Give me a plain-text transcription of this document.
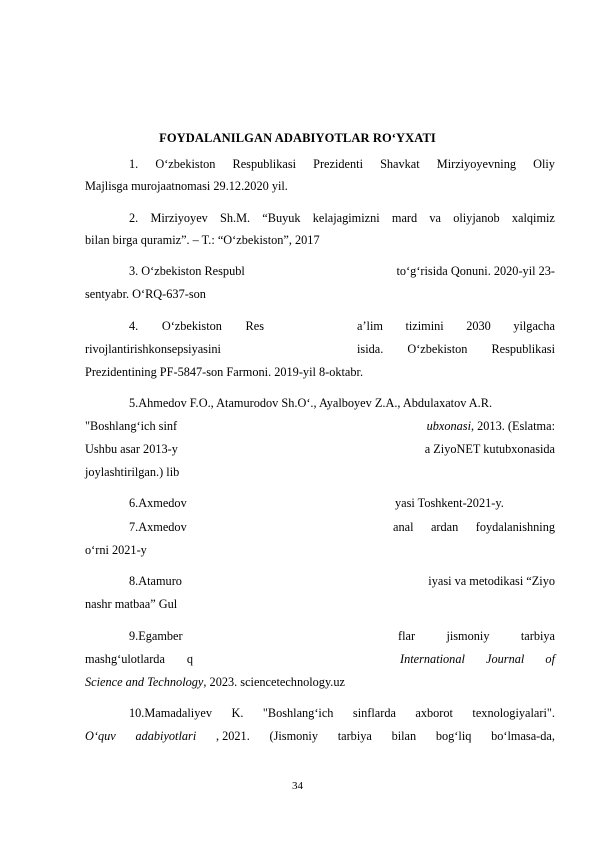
FOYDALANILGAN ADABIYOTLAR RO‘YXATI
1. O‘zbekiston Respublikasi Prezidenti Shavkat Mirziyoyevning Oliy
Majlisga murojaatnomasi 29.12.2020 yil.
2. Mirziyoyev Sh.M. “Buyuk kelajagimizni mard va oliyjanob xalqimiz
bilan birga quramiz”. – T.: “O‘zbekiston”, 2017
3. O‘zbekiston Respubl	to‘g‘risida Qonuni. 2020-yil 23-
sentyabr. O‘RQ-637-son
4. O‘zbekiston Res	a’lim tizimini 2030 yilgacha
rivojlantirish konsepsiyasini	isida. O‘zbekiston Respublikasi
Prezidentining PF-5847-son Farmoni. 2019-yil 8-oktabr.
5.Ahmedov F.O., Atamurodov Sh.O‘., Ayalboyev Z.A., Abdulaxatov A.R.
"Boshlang‘ich sinf	ubxonasi, 2013. (Eslatma:
Ushbu asar 2013-y	a ZiyoNET kutubxonasida
joylashtirilgan.) lib
6.Axmedov	yasi Toshkent-2021-y.
7.Axmedov	anal ardan foydalanishning
o‘rni 2021-y
8.Atamuro	iyasi va metodikasi “Ziyo
nashr matbaa” Gul
9.Egamber	flar	jismoniy	tarbiya
mashg‘ulotlarda q	International Journal of
Science and Technology, 2023. sciencetechnology.uz
10.Mamadaliyev K. "Boshlang‘ich sinflarda axborot texnologiyalari".
O‘quv adabiyotlari , 2021. (Jismoniy tarbiya bilan bog‘liq bo‘lmasa-da,
34
